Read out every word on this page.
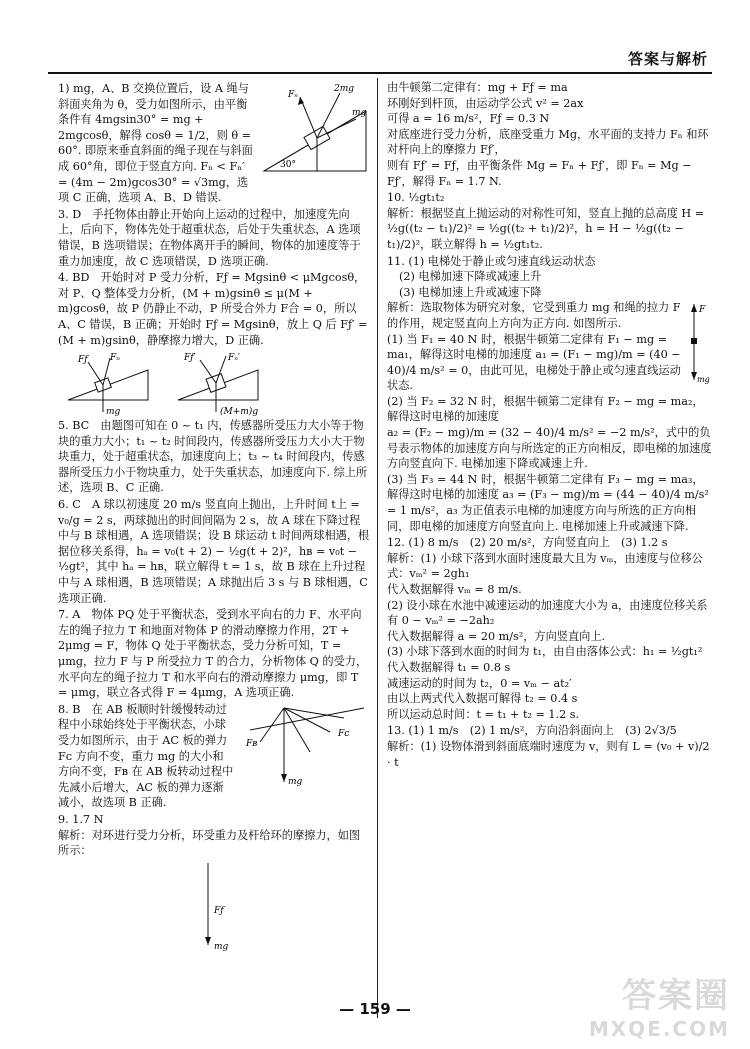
答案与解析
Fₙ
2mg
mg
30°

1) mg，A、B 交换位置后，设 A 绳与斜面夹角为 θ，受力如图所示，由平衡条件有 4mgsin30° = mg + 2mgcosθ，解得 cosθ = 1/2，则 θ = 60°. 即原来垂直斜面的绳子现在与斜面成 60°角，即位于竖直方向. Fₙ < Fₙ′ = (4m − 2m)gcos30° = √3mg，选项 C 正确，选项 A、B、D 错误.

3. D　手托物体由静止开始向上运动的过程中，加速度先向上，后向下，物体先处于超重状态，后处于失重状态，A 选项错误，B 选项错误；在物体离开手的瞬间，物体的加速度等于重力加速度，故 C 选项错误，D 选项正确.

4. BD　开始时对 P 受力分析，Fƒ = Mgsinθ < μMgcosθ，对 P、Q 整体受力分析，(M + m)gsinθ ≤ μ(M + m)gcosθ，故 P 仍静止不动，P 所受合外力 F合 = 0，所以 A、C 错误，B 正确；开始时 Fƒ = Mgsinθ，放上 Q 后 Fƒ′ = (M + m)gsinθ，静摩擦力增大，D 正确.

mg
Fₙ
Fƒ
(M+m)g
Fₙ′
Fƒ′

5. BC　由题图可知在 0 ~ t₁ 内，传感器所受压力大小等于物块的重力大小；t₁ ~ t₂ 时间段内，传感器所受压力大小大于物块重力，处于超重状态，加速度向上；t₃ ~ t₄ 时间段内，传感器所受压力小于物块重力，处于失重状态，加速度向下. 综上所述，选项 B、C 正确.

6. C　A 球以初速度 20 m/s 竖直向上抛出，上升时间 t上 = v₀/g = 2 s，两球抛出的时间间隔为 2 s，故 A 球在下降过程中与 B 球相遇，A 选项错误；设 B 球运动 t 时间两球相遇，根据位移关系得，hₐ = v₀(t + 2) − ½g(t + 2)²，hʙ = v₀t − ½gt²，其中 hₐ = hʙ，联立解得 t = 1 s，故 B 球在上升过程中与 A 球相遇，B 选项错误；A 球抛出后 3 s 与 B 球相遇，C 选项正确.

7. A　物体 PQ 处于平衡状态，受到水平向右的力 F、水平向左的绳子拉力 T 和地面对物体 P 的滑动摩擦力作用，2T + 2μmg = F，物体 Q 处于平衡状态，受力分析可知，T = μmg，拉力 F 与 P 所受拉力 T 的合力，分析物体 Q 的受力，水平向左的绳子拉力 T 和水平向右的滑动摩擦力 μmg，即 T = μmg，联立各式得 F = 4μmg，A 选项正确.

Fʙ
Fᴄ
mg

8. B　在 AB 板顺时针缓慢转动过程中小球始终处于平衡状态，小球受力如图所示，由于 AC 板的弹力 Fᴄ 方向不变，重力 mg 的大小和方向不变，Fʙ 在 AB 板转动过程中先减小后增大，AC 板的弹力逐渐减小，故选项 B 正确.

9. 1.7 N

解析：对环进行受力分析，环受重力及杆给环的摩擦力，如图所示：

Fƒ
mg

由牛顿第二定律有：mg + Fƒ = ma

环刚好到杆顶，由运动学公式 v² = 2ax

可得 a = 16 m/s²，Fƒ = 0.3 N

对底座进行受力分析，底座受重力 Mg，水平面的支持力 Fₙ 和环对杆向上的摩擦力 Fƒ′，

则有 Fƒ′ = Fƒ，由平衡条件 Mg = Fₙ + Fƒ′，即 Fₙ = Mg − Fƒ′，解得 Fₙ = 1.7 N.

10. ½gt₁t₂

解析：根据竖直上抛运动的对称性可知，竖直上抛的总高度 H = ½g((t₂ − t₁)/2)² = ½g((t₂ + t₁)/2)²，h = H − ½g((t₂ − t₁)/2)²，联立解得 h = ½gt₁t₂.

11. (1) 电梯处于静止或匀速直线运动状态

(2) 电梯加速下降或减速上升

(3) 电梯加速上升或减速下降

F
mg

解析：选取物体为研究对象，它受到重力 mg 和绳的拉力 F 的作用，规定竖直向上方向为正方向. 如图所示.

(1) 当 F₁ = 40 N 时，根据牛顿第二定律有 F₁ − mg = ma₁，解得这时电梯的加速度 a₁ = (F₁ − mg)/m = (40 − 40)/4 m/s² = 0，由此可见，电梯处于静止或匀速直线运动状态.

(2) 当 F₂ = 32 N 时，根据牛顿第二定律有 F₂ − mg = ma₂，解得这时电梯的加速度

a₂ = (F₂ − mg)/m = (32 − 40)/4 m/s² = −2 m/s²，式中的负号表示物体的加速度方向与所选定的正方向相反，即电梯的加速度方向竖直向下. 电梯加速下降或减速上升.

(3) 当 F₃ = 44 N 时，根据牛顿第二定律有 F₃ − mg = ma₃，解得这时电梯的加速度 a₃ = (F₃ − mg)/m = (44 − 40)/4 m/s² = 1 m/s²，a₃ 为正值表示电梯的加速度方向与所选的正方向相同，即电梯的加速度方向竖直向上. 电梯加速上升或减速下降.

12. (1) 8 m/s　(2) 20 m/s²，方向竖直向上　(3) 1.2 s

解析：(1) 小球下落到水面时速度最大且为 vₘ，由速度与位移公式：vₘ² = 2gh₁

代入数据解得 vₘ = 8 m/s.

(2) 设小球在水池中减速运动的加速度大小为 a，由速度位移关系有 0 − vₘ² = −2ah₂

代入数据解得 a = 20 m/s²，方向竖直向上.

(3) 小球下落到水面的时间为 t₁，由自由落体公式：h₁ = ½gt₁²

代入数据解得 t₁ = 0.8 s

减速运动的时间为 t₂，0 = vₘ − at₂′

由以上两式代入数据可解得 t₂ = 0.4 s

所以运动总时间：t = t₁ + t₂ = 1.2 s.

13. (1) 1 m/s　(2) 1 m/s²，方向沿斜面向上　(3) 2√3/5

解析：(1) 设物体滑到斜面底端时速度为 v，则有 L = (v₀ + v)/2 · t

— 159 —	答案圈
MXQE.COM
